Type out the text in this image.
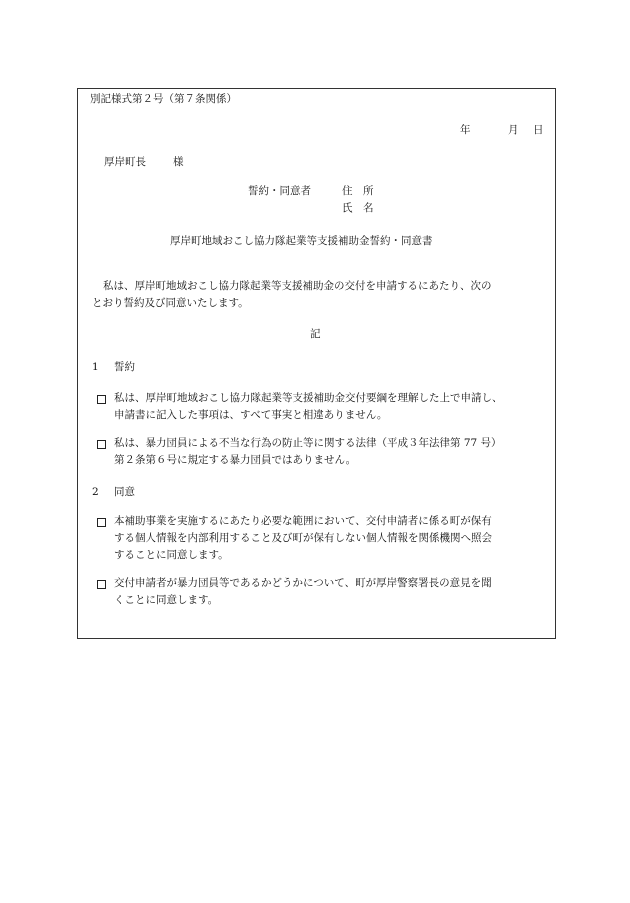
別記様式第２号（第７条関係）

年	月 日

厚岸町長	様

誓約・同意者	住　所

氏　名

厚岸町地域おこし協力隊起業等支援補助金誓約・同意書

私は、厚岸町地域おこし協力隊起業等支援補助金の交付を申請するにあたり、次の
とおり誓約及び同意いたします。

記

1 誓約

私は、厚岸町地域おこし協力隊起業等支援補助金交付要綱を理解した上で申請し、
申請書に記入した事項は、すべて事実と相違ありません。
私は、暴力団員による不当な行為の防止等に関する法律（平成３年法律第 77 号）
第２条第６号に規定する暴力団員ではありません。

2 同意

本補助事業を実施するにあたり必要な範囲において、交付申請者に係る町が保有
する個人情報を内部利用すること及び町が保有しない個人情報を関係機関へ照会
することに同意します。
交付申請者が暴力団員等であるかどうかについて、町が厚岸警察署長の意見を聞
くことに同意します。
